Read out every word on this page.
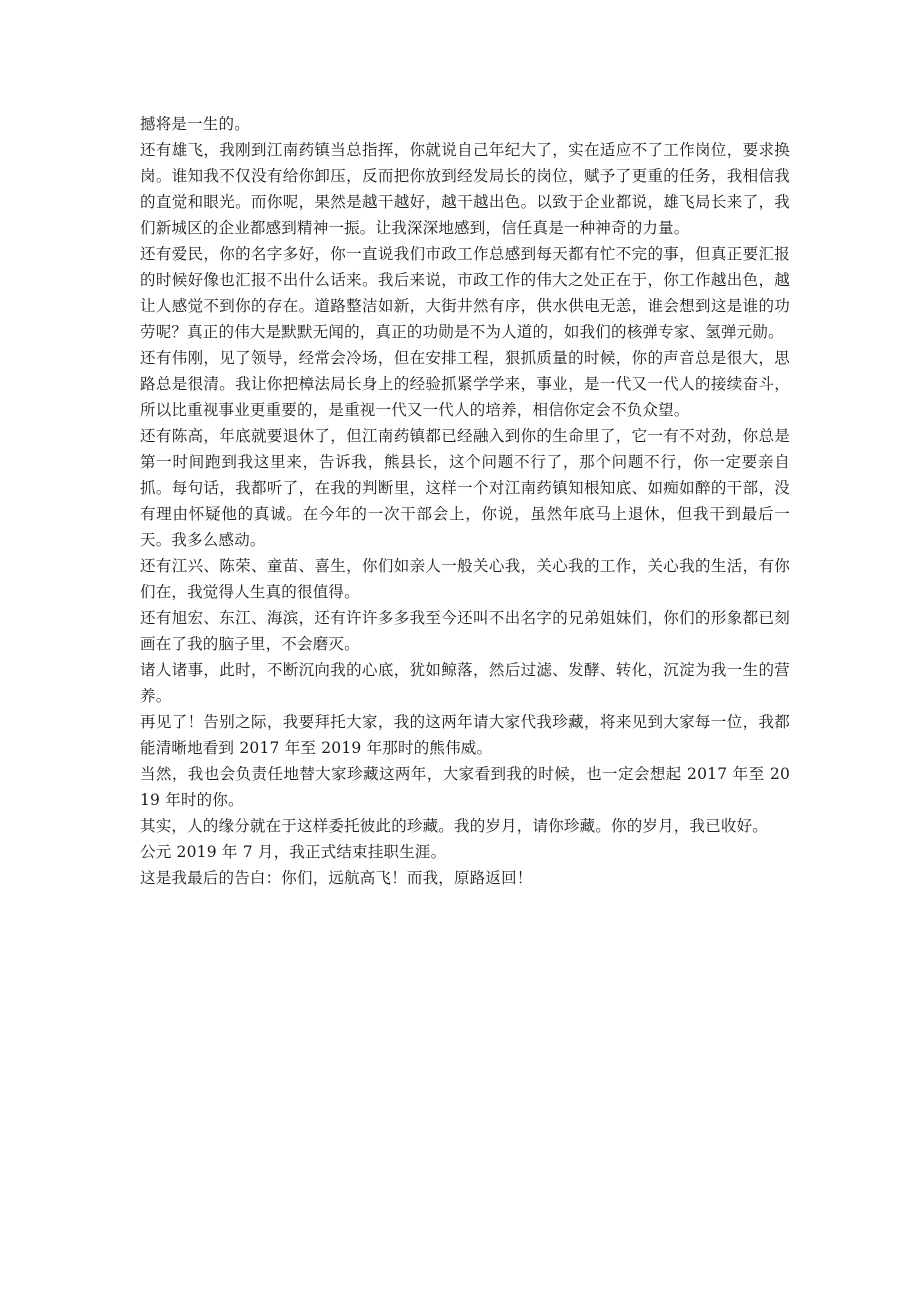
撼将是一生的。

还有雄飞，我刚到江南药镇当总指挥，你就说自己年纪大了，实在适应不了工作岗位，要求换岗。谁知我不仅没有给你卸压，反而把你放到经发局长的岗位，赋予了更重的任务，我相信我的直觉和眼光。而你呢，果然是越干越好，越干越出色。以致于企业都说，雄飞局长来了，我们新城区的企业都感到精神一振。让我深深地感到，信任真是一种神奇的力量。

还有爱民，你的名字多好，你一直说我们市政工作总感到每天都有忙不完的事，但真正要汇报的时候好像也汇报不出什么话来。我后来说，市政工作的伟大之处正在于，你工作越出色，越让人感觉不到你的存在。道路整洁如新，大街井然有序，供水供电无恙，谁会想到这是谁的功劳呢？真正的伟大是默默无闻的，真正的功勋是不为人道的，如我们的核弹专家、氢弹元勋。

还有伟刚，见了领导，经常会冷场，但在安排工程，狠抓质量的时候，你的声音总是很大，思路总是很清。我让你把樟法局长身上的经验抓紧学学来，事业，是一代又一代人的接续奋斗，所以比重视事业更重要的，是重视一代又一代人的培养，相信你定会不负众望。

还有陈高，年底就要退休了，但江南药镇都已经融入到你的生命里了，它一有不对劲，你总是第一时间跑到我这里来，告诉我，熊县长，这个问题不行了，那个问题不行，你一定要亲自抓。每句话，我都听了，在我的判断里，这样一个对江南药镇知根知底、如痴如醉的干部，没有理由怀疑他的真诚。在今年的一次干部会上，你说，虽然年底马上退休，但我干到最后一天。我多么感动。

还有江兴、陈荣、童苗、喜生，你们如亲人一般关心我，关心我的工作，关心我的生活，有你们在，我觉得人生真的很值得。

还有旭宏、东江、海滨，还有许许多多我至今还叫不出名字的兄弟姐妹们，你们的形象都已刻画在了我的脑子里，不会磨灭。

诸人诸事，此时，不断沉向我的心底，犹如鲸落，然后过滤、发酵、转化，沉淀为我一生的营养。

再见了！告别之际，我要拜托大家，我的这两年请大家代我珍藏，将来见到大家每一位，我都能清晰地看到 2017 年至 2019 年那时的熊伟威。

当然，我也会负责任地替大家珍藏这两年，大家看到我的时候，也一定会想起 2017 年至 2019 年时的你。

其实，人的缘分就在于这样委托彼此的珍藏。我的岁月，请你珍藏。你的岁月，我已收好。

公元 2019 年 7 月，我正式结束挂职生涯。

这是我最后的告白：你们，远航高飞！而我，原路返回！
